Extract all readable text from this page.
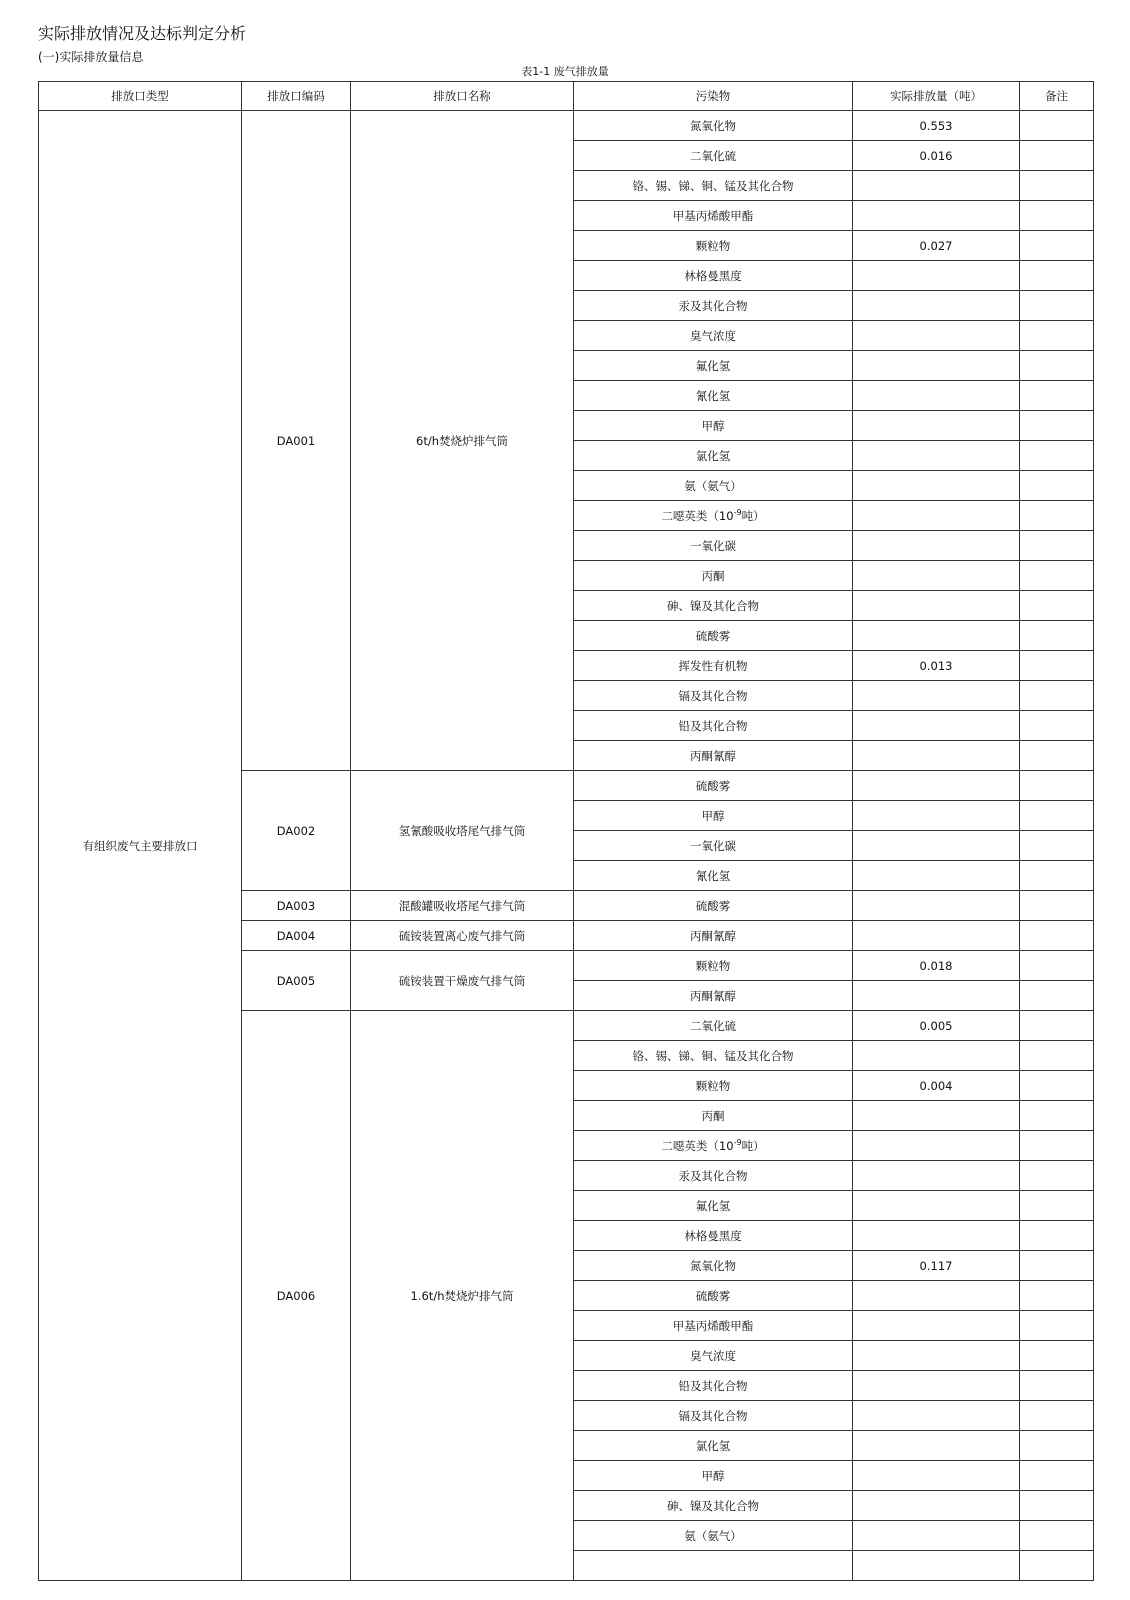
实际排放情况及达标判定分析
(一)实际排放量信息
表1-1 废气排放量
排放口类型	排放口编码	排放口名称	污染物	实际排放量（吨）	备注
有组织废气主要排放口	DA001	6t/h焚烧炉排气筒	氮氧化物	0.553	
			二氧化硫	0.016	
			铬、锡、锑、铜、锰及其化合物		
			甲基丙烯酸甲酯		
			颗粒物	0.027	
			林格曼黑度		
			汞及其化合物		
			臭气浓度		
			氟化氢		
			氰化氢		
			甲醇		
			氯化氢		
			氨（氨气）		
			二噁英类（$10^{-9}$吨）		
			一氧化碳		
			丙酮		
			砷、镍及其化合物		
			硫酸雾		
			挥发性有机物	0.013	
			镉及其化合物		
			铅及其化合物		
			丙酮氰醇		
	DA002	氢氰酸吸收塔尾气排气筒	硫酸雾		
			甲醇		
			一氧化碳		
			氰化氢		
	DA003	混酸罐吸收塔尾气排气筒	硫酸雾		
	DA004	硫铵装置离心废气排气筒	丙酮氰醇		
	DA005	硫铵装置干燥废气排气筒	颗粒物	0.018	
			丙酮氰醇		
	DA006	1.6t/h焚烧炉排气筒	二氧化硫	0.005	
			铬、锡、锑、铜、锰及其化合物		
			颗粒物	0.004	
			丙酮		
			二噁英类（$10^{-9}$吨）		
			汞及其化合物		
			氟化氢		
			林格曼黑度		
			氮氧化物	0.117	
			硫酸雾		
			甲基丙烯酸甲酯		
			臭气浓度		
			铅及其化合物		
			镉及其化合物		
			氯化氢		
			甲醇		
			砷、镍及其化合物		
			氨（氨气）		
